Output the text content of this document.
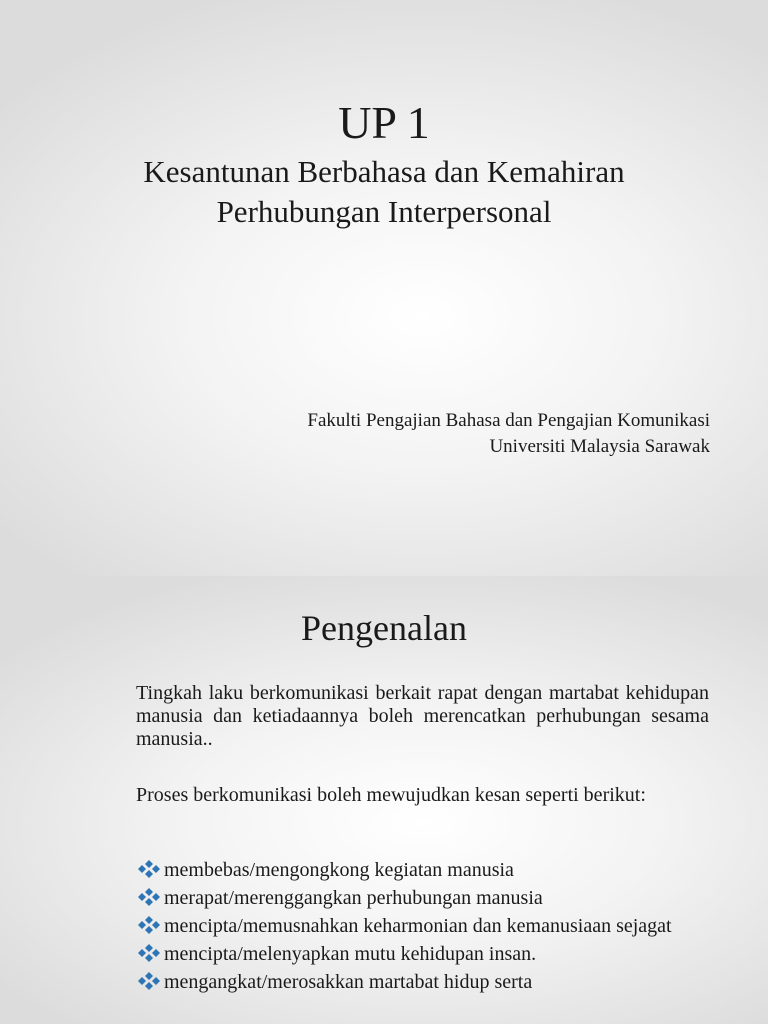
UP 1
Kesantunan Berbahasa dan Kemahiran
Perhubungan Interpersonal
Fakulti Pengajian Bahasa dan Pengajian Komunikasi
Universiti Malaysia Sarawak
Pengenalan

Tingkah laku berkomunikasi berkait rapat dengan martabat kehidupan manusia dan ketiadaannya boleh merencatkan perhubungan sesama manusia..

Proses berkomunikasi boleh mewujudkan kesan seperti berikut:

membebas/mengongkong kegiatan manusia
merapat/merenggangkan perhubungan manusia
mencipta/memusnahkan keharmonian dan kemanusiaan sejagat
mencipta/melenyapkan mutu kehidupan insan.
mengangkat/merosakkan martabat hidup serta
